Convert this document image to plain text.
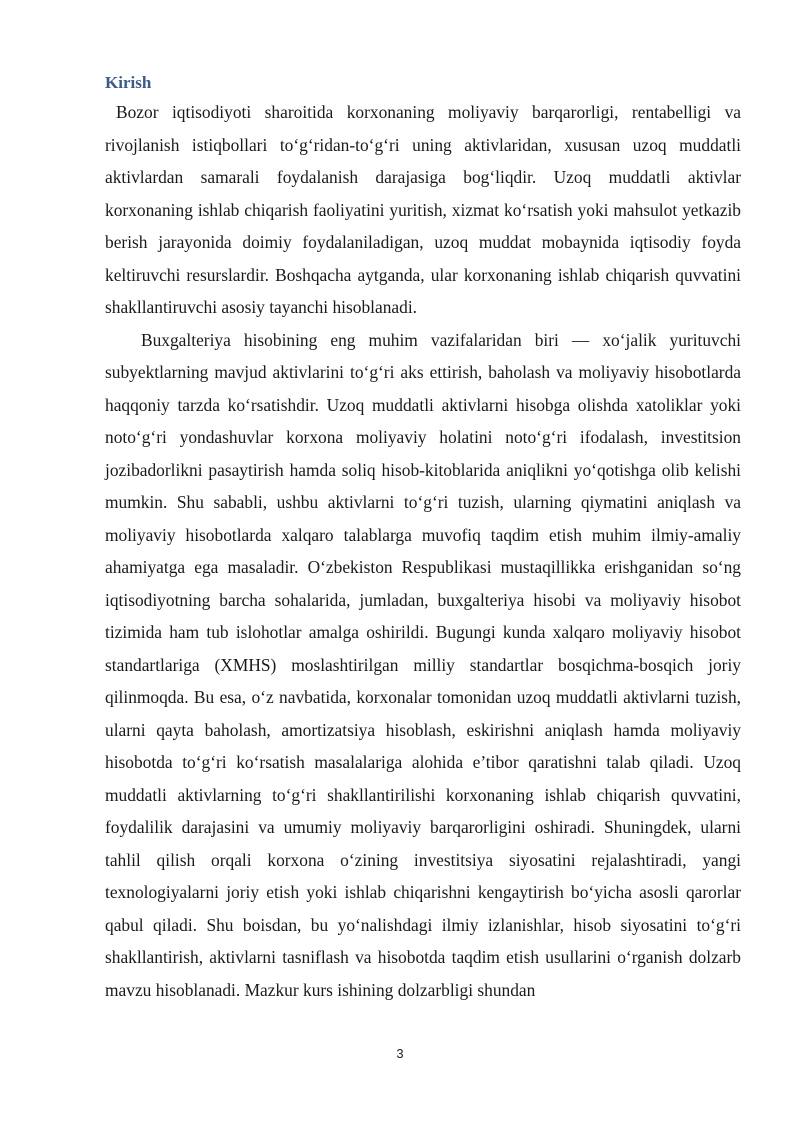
Kirish

Bozor iqtisodiyoti sharoitida korxonaning moliyaviy barqarorligi, rentabelligi va rivojlanish istiqbollari to‘g‘ridan-to‘g‘ri uning aktivlaridan, xususan uzoq muddatli aktivlardan samarali foydalanish darajasiga bog‘liqdir. Uzoq muddatli aktivlar korxonaning ishlab chiqarish faoliyatini yuritish, xizmat ko‘rsatish yoki mahsulot yetkazib berish jarayonida doimiy foydalaniladigan, uzoq muddat mobaynida iqtisodiy foyda keltiruvchi resurslardir. Boshqacha aytganda, ular korxonaning ishlab chiqarish quvvatini shakllantiruvchi asosiy tayanchi hisoblanadi.

Buxgalteriya hisobining eng muhim vazifalaridan biri — xo‘jalik yurituvchi subyektlarning mavjud aktivlarini to‘g‘ri aks ettirish, baholash va moliyaviy hisobotlarda haqqoniy tarzda ko‘rsatishdir. Uzoq muddatli aktivlarni hisobga olishda xatoliklar yoki noto‘g‘ri yondashuvlar korxona moliyaviy holatini noto‘g‘ri ifodalash, investitsion jozibadorlikni pasaytirish hamda soliq hisob-kitoblarida aniqlikni yo‘qotishga olib kelishi mumkin. Shu sababli, ushbu aktivlarni to‘g‘ri tuzish, ularning qiymatini aniqlash va moliyaviy hisobotlarda xalqaro talablarga muvofiq taqdim etish muhim ilmiy-amaliy ahamiyatga ega masaladir. O‘zbekiston Respublikasi mustaqillikka erishganidan so‘ng iqtisodiyotning barcha sohalarida, jumladan, buxgalteriya hisobi va moliyaviy hisobot tizimida ham tub islohotlar amalga oshirildi. Bugungi kunda xalqaro moliyaviy hisobot standartlariga (XMHS) moslashtirilgan milliy standartlar bosqichma-bosqich joriy qilinmoqda. Bu esa, o‘z navbatida, korxonalar tomonidan uzoq muddatli aktivlarni tuzish, ularni qayta baholash, amortizatsiya hisoblash, eskirishni aniqlash hamda moliyaviy hisobotda to‘g‘ri ko‘rsatish masalalariga alohida e’tibor qaratishni talab qiladi. Uzoq muddatli aktivlarning to‘g‘ri shakllantirilishi korxonaning ishlab chiqarish quvvatini, foydalilik darajasini va umumiy moliyaviy barqarorligini oshiradi. Shuningdek, ularni tahlil qilish orqali korxona o‘zining investitsiya siyosatini rejalashtiradi, yangi texnologiyalarni joriy etish yoki ishlab chiqarishni kengaytirish bo‘yicha asosli qarorlar qabul qiladi. Shu boisdan, bu yo‘nalishdagi ilmiy izlanishlar, hisob siyosatini to‘g‘ri shakllantirish, aktivlarni tasniflash va hisobotda taqdim etish usullarini o‘rganish dolzarb mavzu hisoblanadi. Mazkur kurs ishining dolzarbligi shundan

3
